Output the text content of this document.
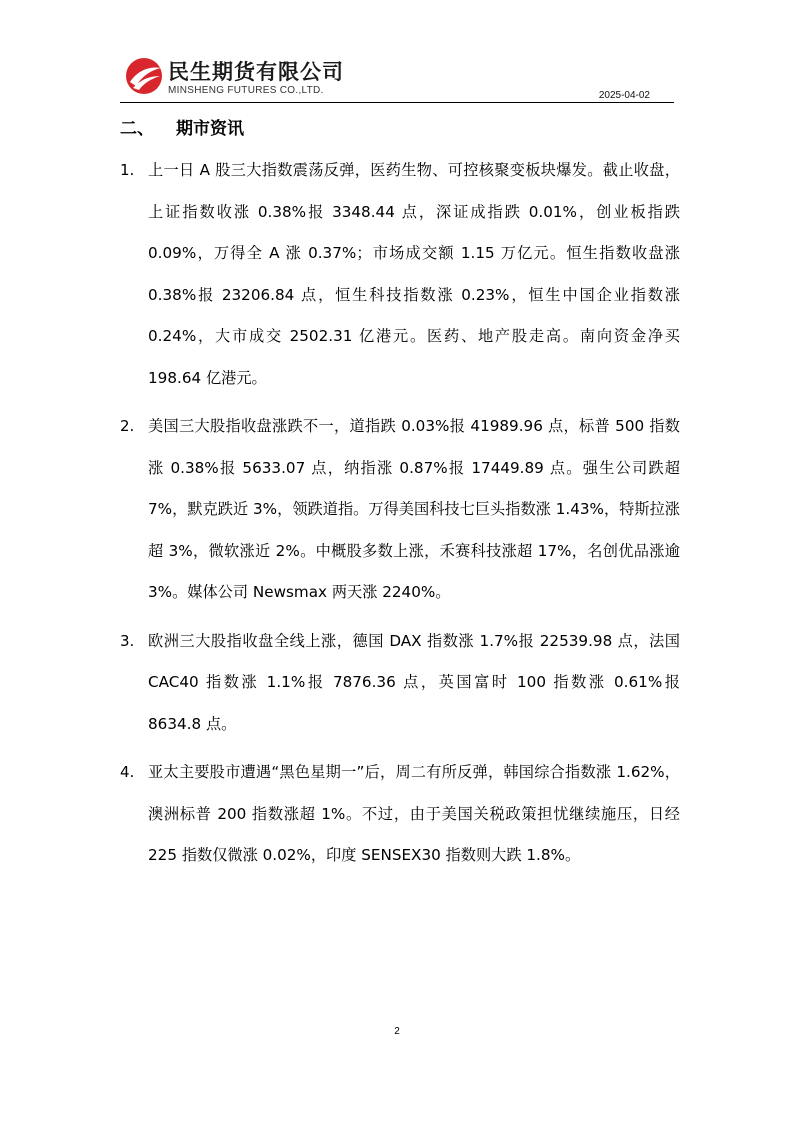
民生期货有限公司
MINSHENG FUTURES CO.,LTD.	2025-04-02
二、 期市资讯
1. 上一日 A 股三大指数震荡反弹，医药生物、可控核聚变板块爆发。截止收盘，上证指数收涨 0.38%报 3348.44 点，深证成指跌 0.01%，创业板指跌 0.09%，万得全 A 涨 0.37%；市场成交额 1.15 万亿元。恒生指数收盘涨 0.38%报 23206.84 点，恒生科技指数涨 0.23%，恒生中国企业指数涨 0.24%，大市成交 2502.31 亿港元。医药、地产股走高。南向资金净买 198.64 亿港元。
2. 美国三大股指收盘涨跌不一，道指跌 0.03%报 41989.96 点，标普 500 指数涨 0.38%报 5633.07 点，纳指涨 0.87%报 17449.89 点。强生公司跌超 7%，默克跌近 3%，领跌道指。万得美国科技七巨头指数涨 1.43%，特斯拉涨超 3%，微软涨近 2%。中概股多数上涨，禾赛科技涨超 17%，名创优品涨逾 3%。媒体公司 Newsmax 两天涨 2240%。
3. 欧洲三大股指收盘全线上涨，德国 DAX 指数涨 1.7%报 22539.98 点，法国 CAC40 指数涨 1.1%报 7876.36 点，英国富时 100 指数涨 0.61%报 8634.8 点。
4. 亚太主要股市遭遇“黑色星期一”后，周二有所反弹，韩国综合指数涨 1.62%，澳洲标普 200 指数涨超 1%。不过，由于美国关税政策担忧继续施压，日经 225 指数仅微涨 0.02%，印度 SENSEX30 指数则大跌 1.8%。
2
